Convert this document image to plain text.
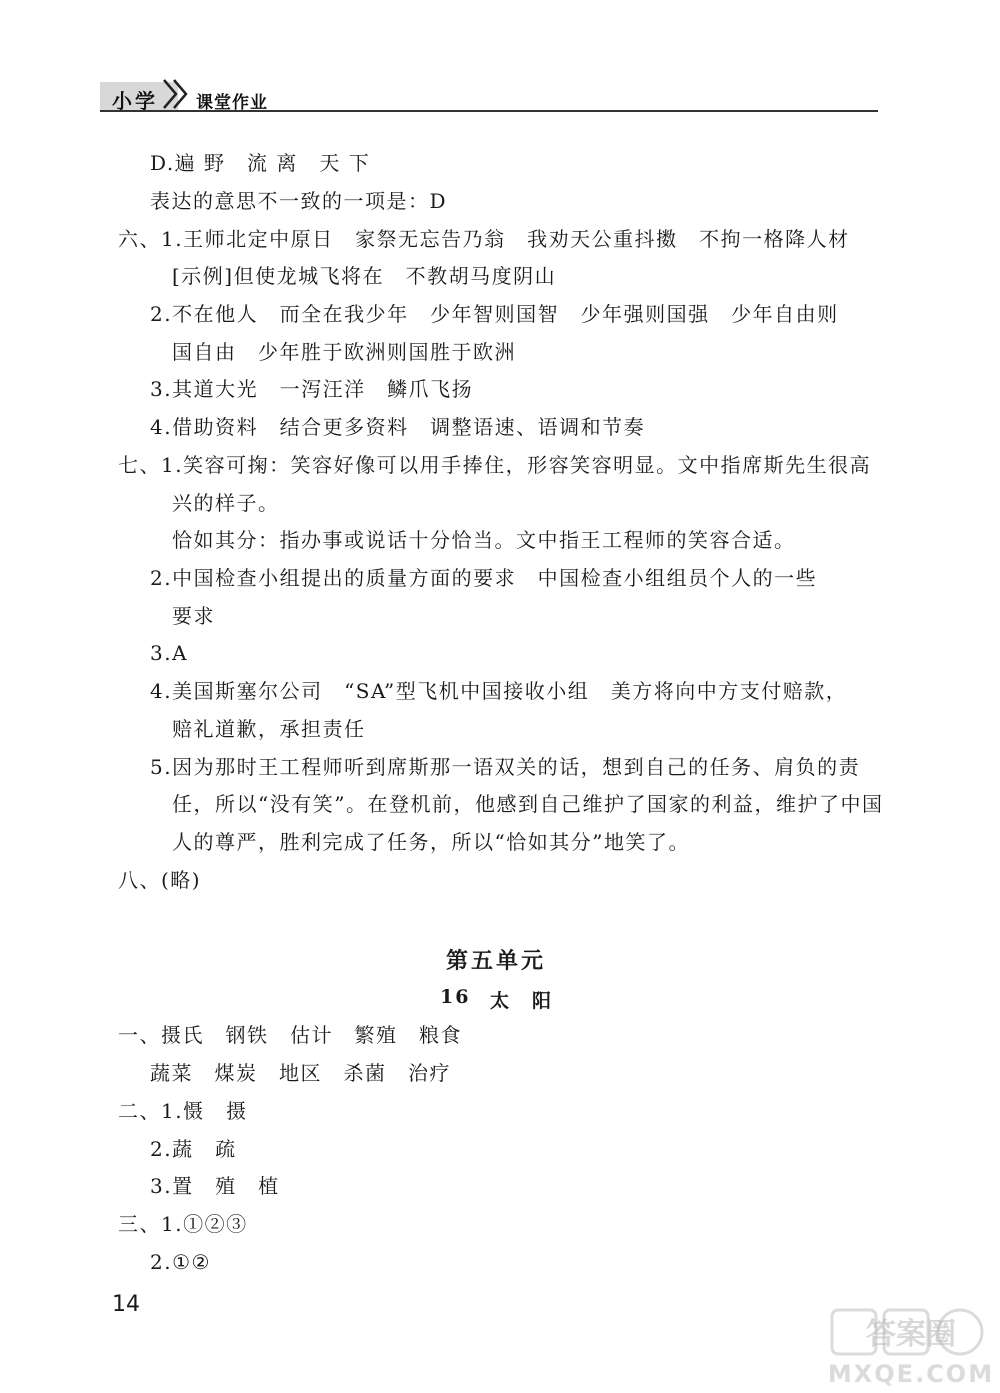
小学 课堂作业
D.遍 野　流 离　天 下
表达的意思不一致的一项是：D
六、1.王师北定中原日　家祭无忘告乃翁　我劝天公重抖擞　不拘一格降人材
[示例]但使龙城飞将在　不教胡马度阴山
2.不在他人　而全在我少年　少年智则国智　少年强则国强　少年自由则
国自由　少年胜于欧洲则国胜于欧洲
3.其道大光　一泻汪洋　鳞爪飞扬
4.借助资料　结合更多资料　调整语速、语调和节奏
七、1.笑容可掬：笑容好像可以用手捧住，形容笑容明显。文中指席斯先生很高
兴的样子。
恰如其分：指办事或说话十分恰当。文中指王工程师的笑容合适。
2.中国检查小组提出的质量方面的要求　中国检查小组组员个人的一些
要求
3.A
4.美国斯塞尔公司　“SA”型飞机中国接收小组　美方将向中方支付赔款，
赔礼道歉，承担责任
5.因为那时王工程师听到席斯那一语双关的话，想到自己的任务、肩负的责
任，所以“没有笑”。在登机前，他感到自己维护了国家的利益，维护了中国
人的尊严，胜利完成了任务，所以“恰如其分”地笑了。
八、(略)
第五单元
16 太　阳
一、摄氏　钢铁　估计　繁殖　粮食
蔬菜　煤炭　地区　杀菌　治疗
二、1.慑　摄
2.蔬　疏
3.置　殖　植
三、1.①②③
2.①②
14
答案圈
MXQE.COM
